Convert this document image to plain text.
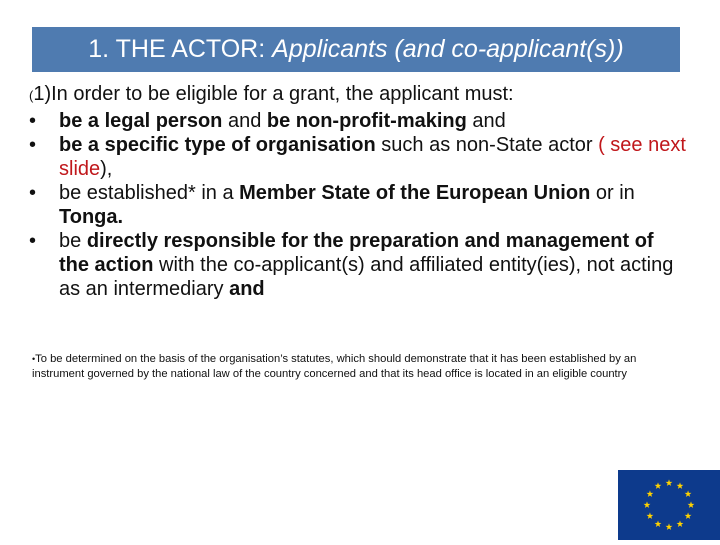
1. THE ACTOR: Applicants (and co-applicant(s))

(1)In order to be eligible for a grant, the applicant must:

•	be a legal person and be non-profit-making and
•	be a specific type of organisation such as non-State actor ( see next slide),
•	be established* in a Member State of the European Union or in Tonga.
•	be directly responsible for the preparation and management of the action with the co-applicant(s) and affiliated entity(ies), not acting as an intermediary and
•To be determined on the basis of the organisation’s statutes, which should demonstrate that it has been established by an instrument governed by the national law of the country concerned and that its head office is located in an eligible country
